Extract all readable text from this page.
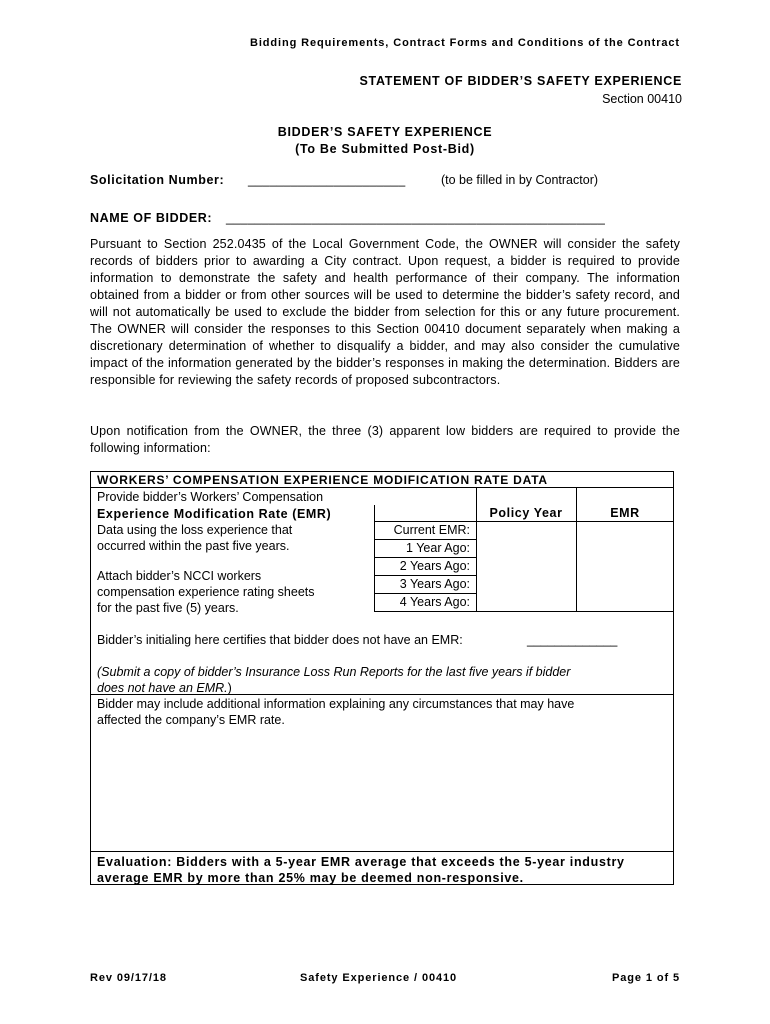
Bidding Requirements, Contract Forms and Conditions of the Contract
STATEMENT OF BIDDER’S SAFETY EXPERIENCE
Section 00410
BIDDER’S SAFETY EXPERIENCE
(To Be Submitted Post-Bid)
Solicitation Number: ______________________	(to be filled in by Contractor)
NAME OF BIDDER: _____________________________________________________
Pursuant to Section 252.0435 of the Local Government Code, the OWNER will consider the safety records of bidders prior to awarding a City contract. Upon request, a bidder is required to provide information to demonstrate the safety and health performance of their company. The information obtained from a bidder or from other sources will be used to determine the bidder’s safety record, and will not automatically be used to exclude the bidder from selection for this or any future procurement. The OWNER will consider the responses to this Section 00410 document separately when making a discretionary determination of whether to disqualify a bidder, and may also consider the cumulative impact of the information generated by the bidder’s responses in making the determination. Bidders are responsible for reviewing the safety records of proposed subcontractors.
Upon notification from the OWNER, the three (3) apparent low bidders are required to provide the following information:
WORKERS’ COMPENSATION EXPERIENCE MODIFICATION RATE DATA
Provide bidder’s Workers’ Compensation
Experience Modification Rate (EMR)
Data using the loss experience that
occurred within the past five years.
Attach bidder’s NCCI workers
compensation experience rating sheets
for the past five (5) years.
Policy Year	EMR
Current EMR:
1 Year Ago:
2 Years Ago:
3 Years Ago:
4 Years Ago:
Bidder’s initialing here certifies that bidder does not have an EMR:	_____________
(Submit a copy of bidder’s Insurance Loss Run Reports for the last five years if bidder
does not have an EMR.)
Bidder may include additional information explaining any circumstances that may have
affected the company’s EMR rate.
Evaluation: Bidders with a 5-year EMR average that exceeds the 5-year industry
average EMR by more than 25% may be deemed non-responsive.
Rev 09/17/18	Safety Experience / 00410	Page 1 of 5
